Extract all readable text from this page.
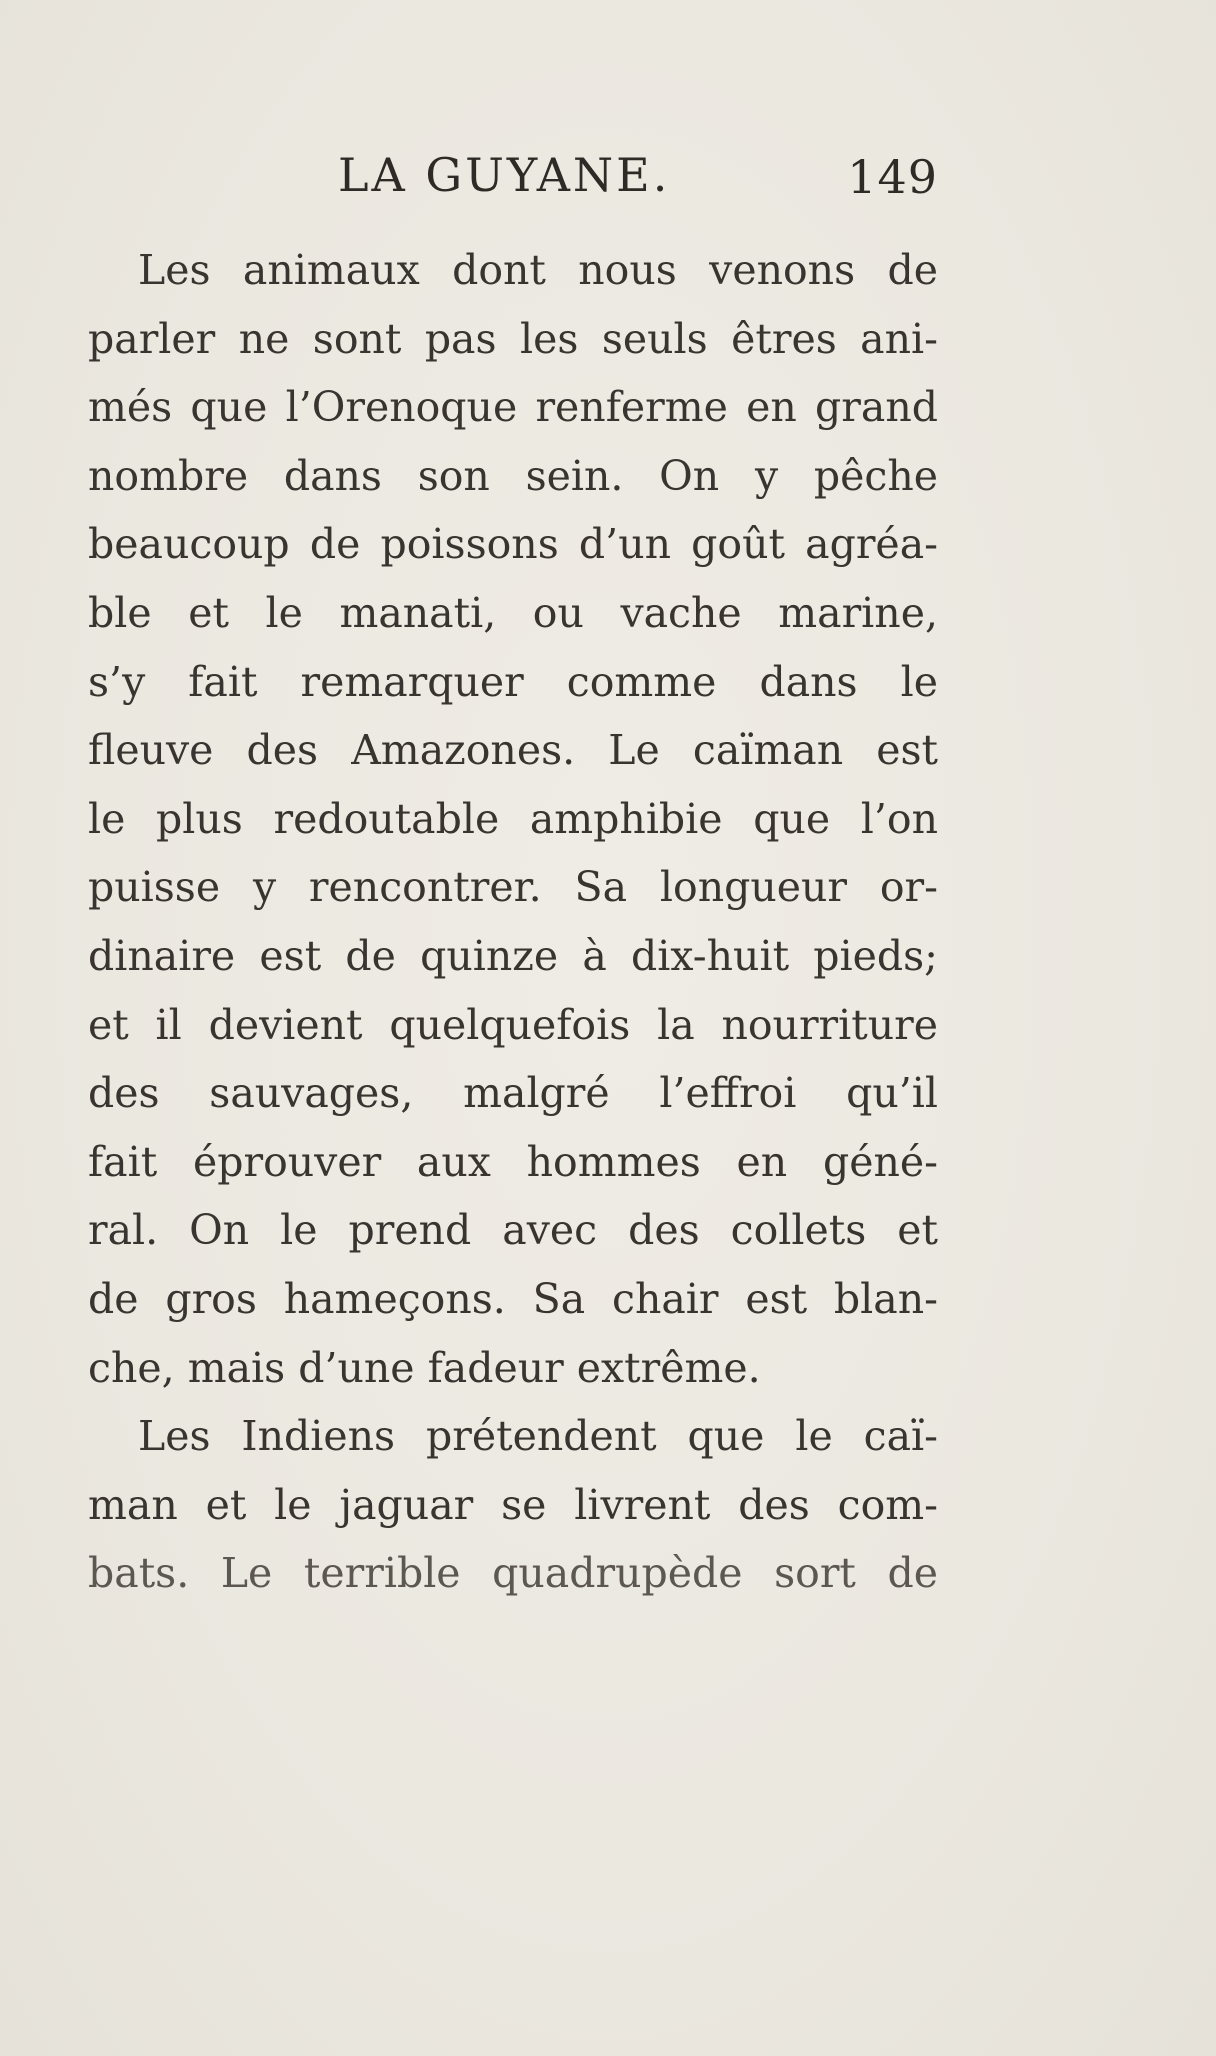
LA GUYANE.	149
Les animaux dont nous venons de
parler ne sont pas les seuls êtres ani-
més que l’Orenoque renferme en grand
nombre dans son sein. On y pêche
beaucoup de poissons d’un goût agréa-
ble et le manati, ou vache marine,
s’y fait remarquer comme dans le
fleuve des Amazones. Le caïman est
le plus redoutable amphibie que l’on
puisse y rencontrer. Sa longueur or-
dinaire est de quinze à dix-huit pieds;
et il devient quelquefois la nourriture
des sauvages, malgré l’effroi qu’il
fait éprouver aux hommes en géné-
ral. On le prend avec des collets et
de gros hameçons. Sa chair est blan-
che, mais d’une fadeur extrême.
Les Indiens prétendent que le caï-
man et le jaguar se livrent des com-
bats. Le terrible quadrupède sort de
